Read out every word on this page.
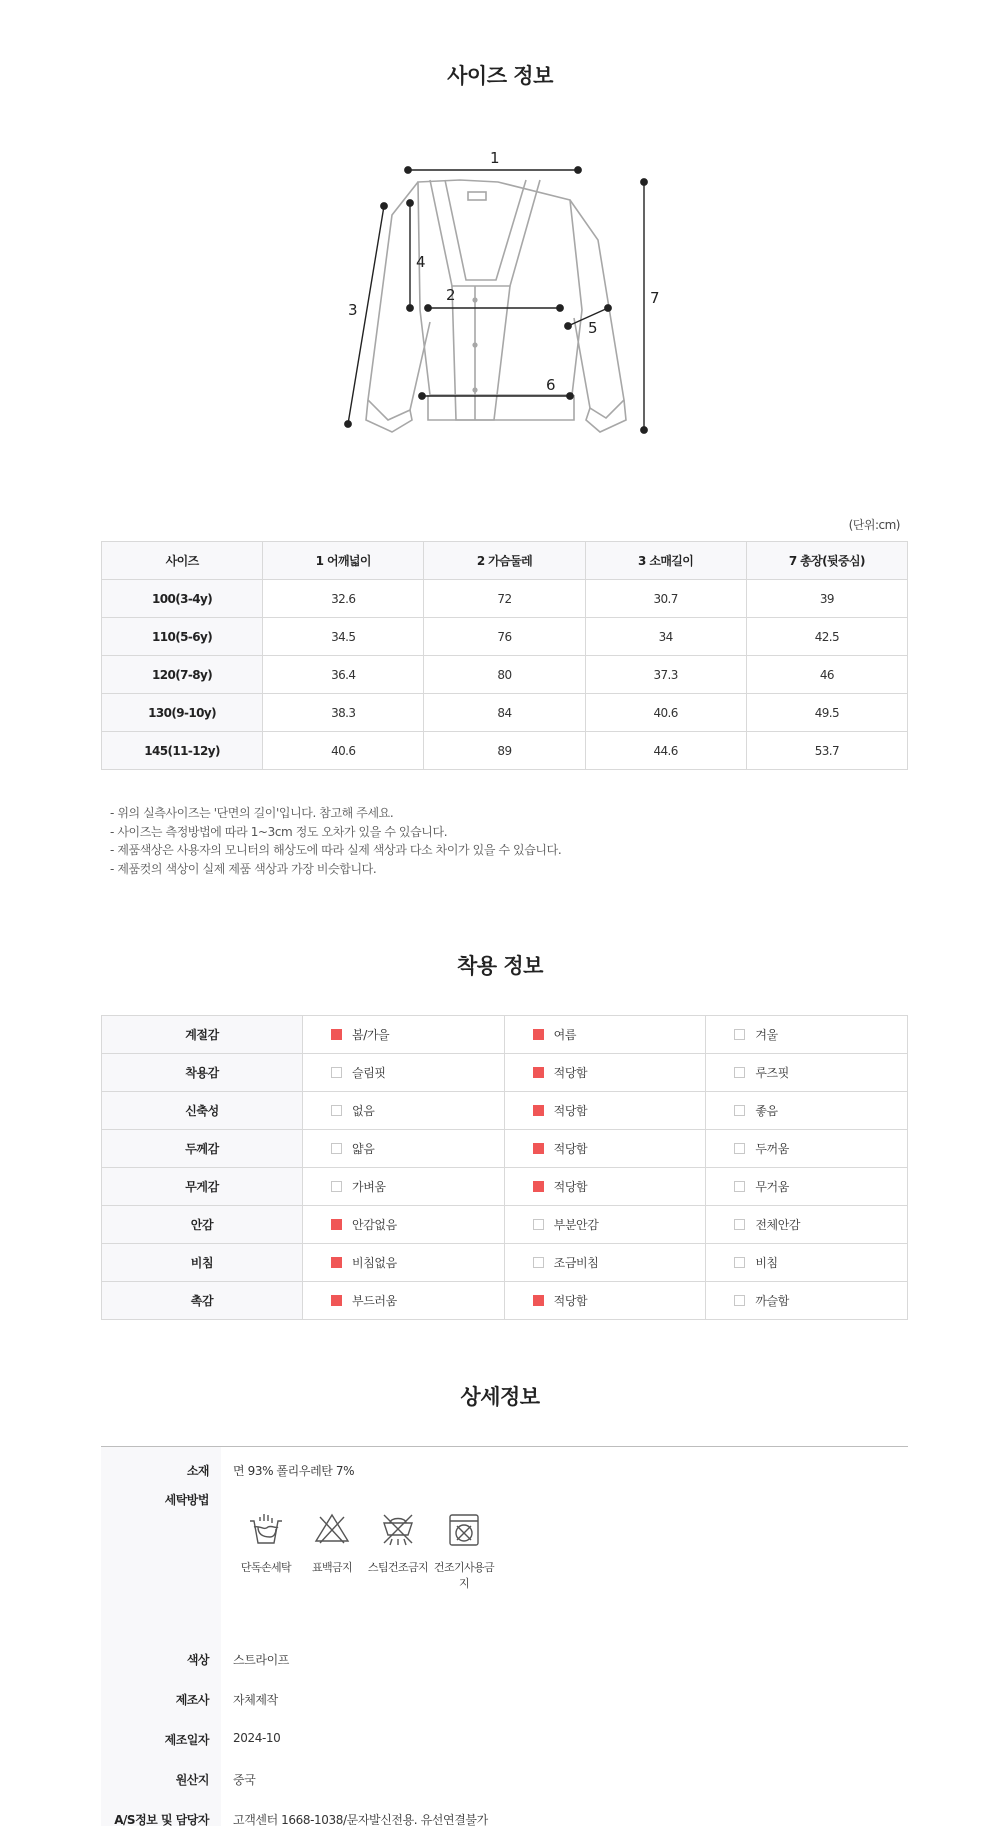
사이즈 정보
1
2
3
4
5
6
7
(단위:cm)
사이즈	1 어깨넓이	2 가슴둘레	3 소매길이	7 총장(뒷중심)
100(3-4y)	32.6	72	30.7	39
110(5-6y)	34.5	76	34	42.5
120(7-8y)	36.4	80	37.3	46
130(9-10y)	38.3	84	40.6	49.5
145(11-12y)	40.6	89	44.6	53.7
- 위의 실측사이즈는 '단면의 길이'입니다. 참고해 주세요.
- 사이즈는 측정방법에 따라 1~3cm 정도 오차가 있을 수 있습니다.
- 제품색상은 사용자의 모니터의 해상도에 따라 실제 색상과 다소 차이가 있을 수 있습니다.
- 제품컷의 색상이 실제 제품 색상과 가장 비슷합니다.
착용 정보
계절감	봄/가을	여름	겨울
착용감	슬림핏	적당함	루즈핏
신축성	없음	적당함	좋음
두께감	얇음	적당함	두꺼움
무게감	가벼움	적당함	무거움
안감	안감없음	부분안감	전체안감
비침	비침없음	조금비침	비침
촉감	부드러움	적당함	까슬함
상세정보
소재	면 93% 폴리우레탄 7%
세탁방법
단독손세탁	표백금지	스팀건조금지 건조기사용금지
색상	스트라이프
제조사	자체제작
제조일자	2024-10
원산지	중국
A/S정보 및 담당자	고객센터 1668-1038/문자발신전용. 유선연결불가
